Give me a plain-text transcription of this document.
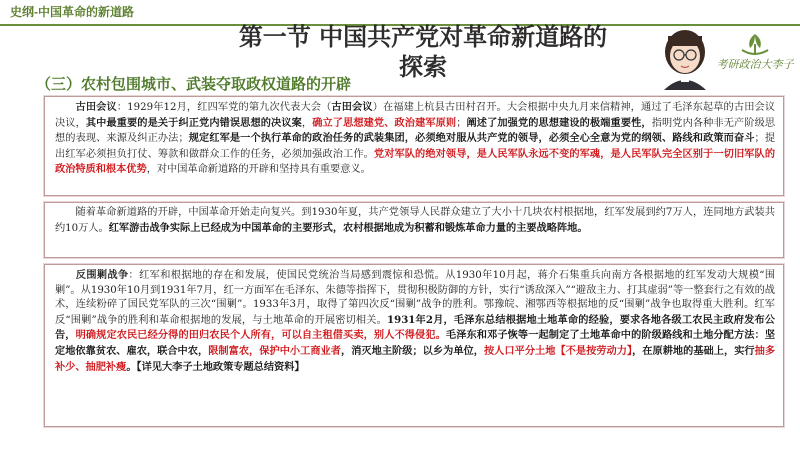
史纲-中国革命的新道路
第一节 中国共产党对革命新道路的探索	考研政治大李子
（三）农村包围城市、武装夺取政权道路的开辟
古田会议：1929年12月，红四军党的第九次代表大会（古田会议）在福建上杭县古田村召开。大会根据中央九月来信精神，通过了毛泽东起草的古田会议决议，其中最重要的是关于纠正党内错误思想的决议案，确立了思想建党、政治建军原则；阐述了加强党的思想建设的极端重要性，指明党内各种非无产阶级思想的表现、来源及纠正办法；规定红军是一个执行革命的政治任务的武装集团，必须绝对服从共产党的领导，必须全心全意为党的纲领、路线和政策而奋斗；提出红军必须担负打仗、筹款和做群众工作的任务，必须加强政治工作。党对军队的绝对领导，是人民军队永远不变的军魂，是人民军队完全区别于一切旧军队的政治特质和根本优势，对中国革命新道路的开辟和坚持具有重要意义。
随着革命新道路的开辟，中国革命开始走向复兴。到1930年夏，共产党领导人民群众建立了大小十几块农村根据地，红军发展到约7万人，连同地方武装共约10万人。红军游击战争实际上已经成为中国革命的主要形式，农村根据地成为积蓄和锻炼革命力量的主要战略阵地。
反围剿战争：红军和根据地的存在和发展，使国民党统治当局感到震惊和恐慌。从1930年10月起，蒋介石集重兵向南方各根据地的红军发动大规模“围剿”。从1930年10月到1931年7月，红一方面军在毛泽东、朱德等指挥下，贯彻积极防御的方针，实行“诱敌深入”“避敌主力、打其虚弱”等一整套行之有效的战术，连续粉碎了国民党军队的三次“围剿”。1933年3月，取得了第四次反“围剿”战争的胜利。鄂豫皖、湘鄂西等根据地的反“围剿”战争也取得重大胜利。红军反“围剿”战争的胜利和革命根据地的发展，与土地革命的开展密切相关。1931年2月，毛泽东总结根据地土地革命的经验，要求各地各级工农民主政府发布公告，明确规定农民已经分得的田归农民个人所有，可以自主租借买卖，别人不得侵犯。毛泽东和邓子恢等一起制定了土地革命中的阶级路线和土地分配方法：坚定地依靠贫农、雇农，联合中农，限制富农，保护中小工商业者，消灭地主阶级；以乡为单位，按人口平分土地【不是按劳动力】，在原耕地的基础上，实行抽多补少、抽肥补瘦。【详见大李子土地政策专题总结资料】
